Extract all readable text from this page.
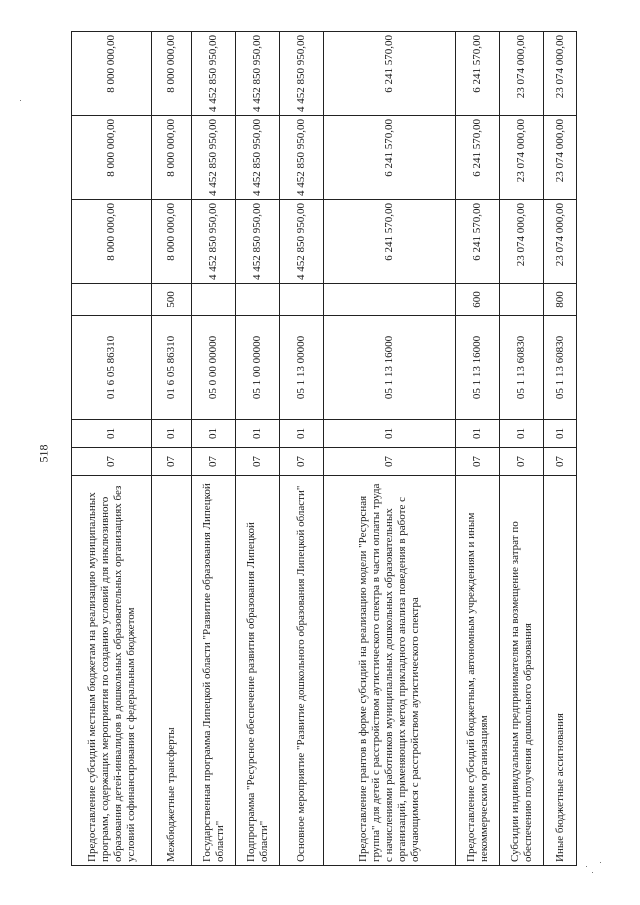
518
Предоставление субсидий местным бюджетам на реализацию муниципальных программ, содержащих мероприятия по созданию условий для инклюзивного образования детей-инвалидов в дошкольных образовательных организациях без условий софинансирования с федеральным бюджетом	07	01	01 6 05 86310		8 000 000,00	8 000 000,00	8 000 000,00
Межбюджетные трансферты	07	01	01 6 05 86310	500	8 000 000,00	8 000 000,00	8 000 000,00
Государственная программа Липецкой области "Развитие образования Липецкой области"	07	01	05 0 00 00000		4 452 850 950,00	4 452 850 950,00	4 452 850 950,00
Подпрограмма "Ресурсное обеспечение развития образования Липецкой области"	07	01	05 1 00 00000		4 452 850 950,00	4 452 850 950,00	4 452 850 950,00
Основное мероприятие "Развитие дошкольного образования Липецкой области"	07	01	05 1 13 00000		4 452 850 950,00	4 452 850 950,00	4 452 850 950,00
Предоставление грантов в форме субсидий на реализацию модели "Ресурсная группа" для детей с расстройством аутистического спектра в части оплаты труда с начислениями работников муниципальных дошкольных образовательных организаций, применяющих метод прикладного анализа поведения в работе с обучающимися с расстройством аутистического спектра	07	01	05 1 13 16000		6 241 570,00	6 241 570,00	6 241 570,00
Предоставление субсидий бюджетным, автономным учреждениям и иным некоммерческим организациям	07	01	05 1 13 16000	600	6 241 570,00	6 241 570,00	6 241 570,00
Субсидии индивидуальным предпринимателям на возмещение затрат по обеспечению получения дошкольного образования	07	01	05 1 13 60830		23 074 000,00	23 074 000,00	23 074 000,00
Иные бюджетные ассигнования	07	01	05 1 13 60830	800	23 074 000,00	23 074 000,00	23 074 000,00
